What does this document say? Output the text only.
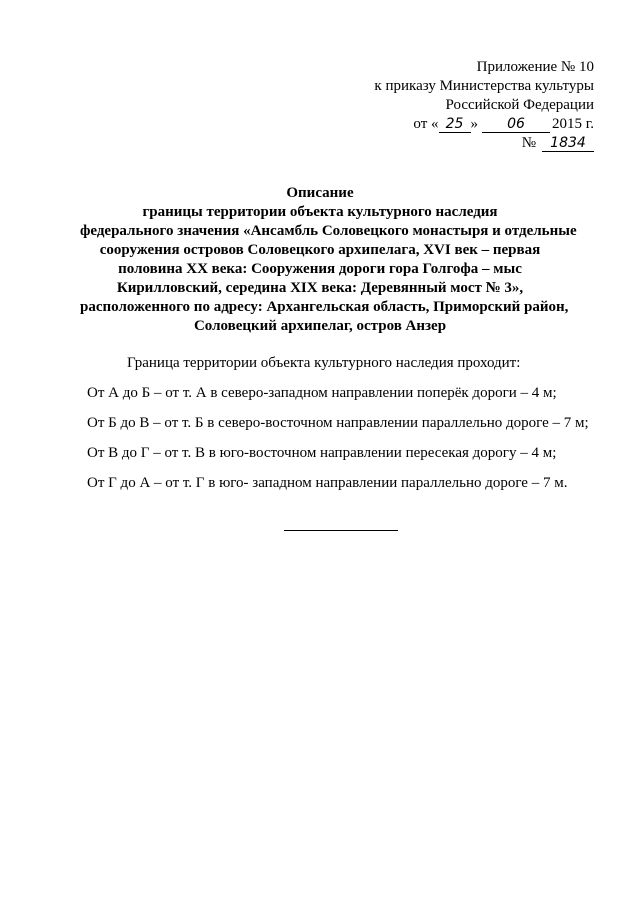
Приложение № 10
к приказу Министерства культуры
Российской Федерации
от « 25 »	06	2015 г.
№	1834
Описание
границы территории объекта культурного наследия
федерального значения «Ансамбль Соловецкого монастыря и отдельные
сооружения островов Соловецкого архипелага, XVI век – первая
половина XX века: Сооружения дороги гора Голгофа – мыс
Кирилловский, середина XIX века: Деревянный мост № 3»,
расположенного по адресу: Архангельская область, Приморский район,
Соловецкий архипелаг, остров Анзер

Граница территории объекта культурного наследия проходит:

От А до Б – от т. А в северо-западном направлении поперёк дороги – 4 м;

От Б до В – от т. Б в северо-восточном направлении параллельно дороге – 7 м;

От В до Г – от т. В в юго-восточном направлении пересекая дорогу – 4 м;

От Г до А – от т. Г в юго- западном направлении параллельно дороге – 7 м.
